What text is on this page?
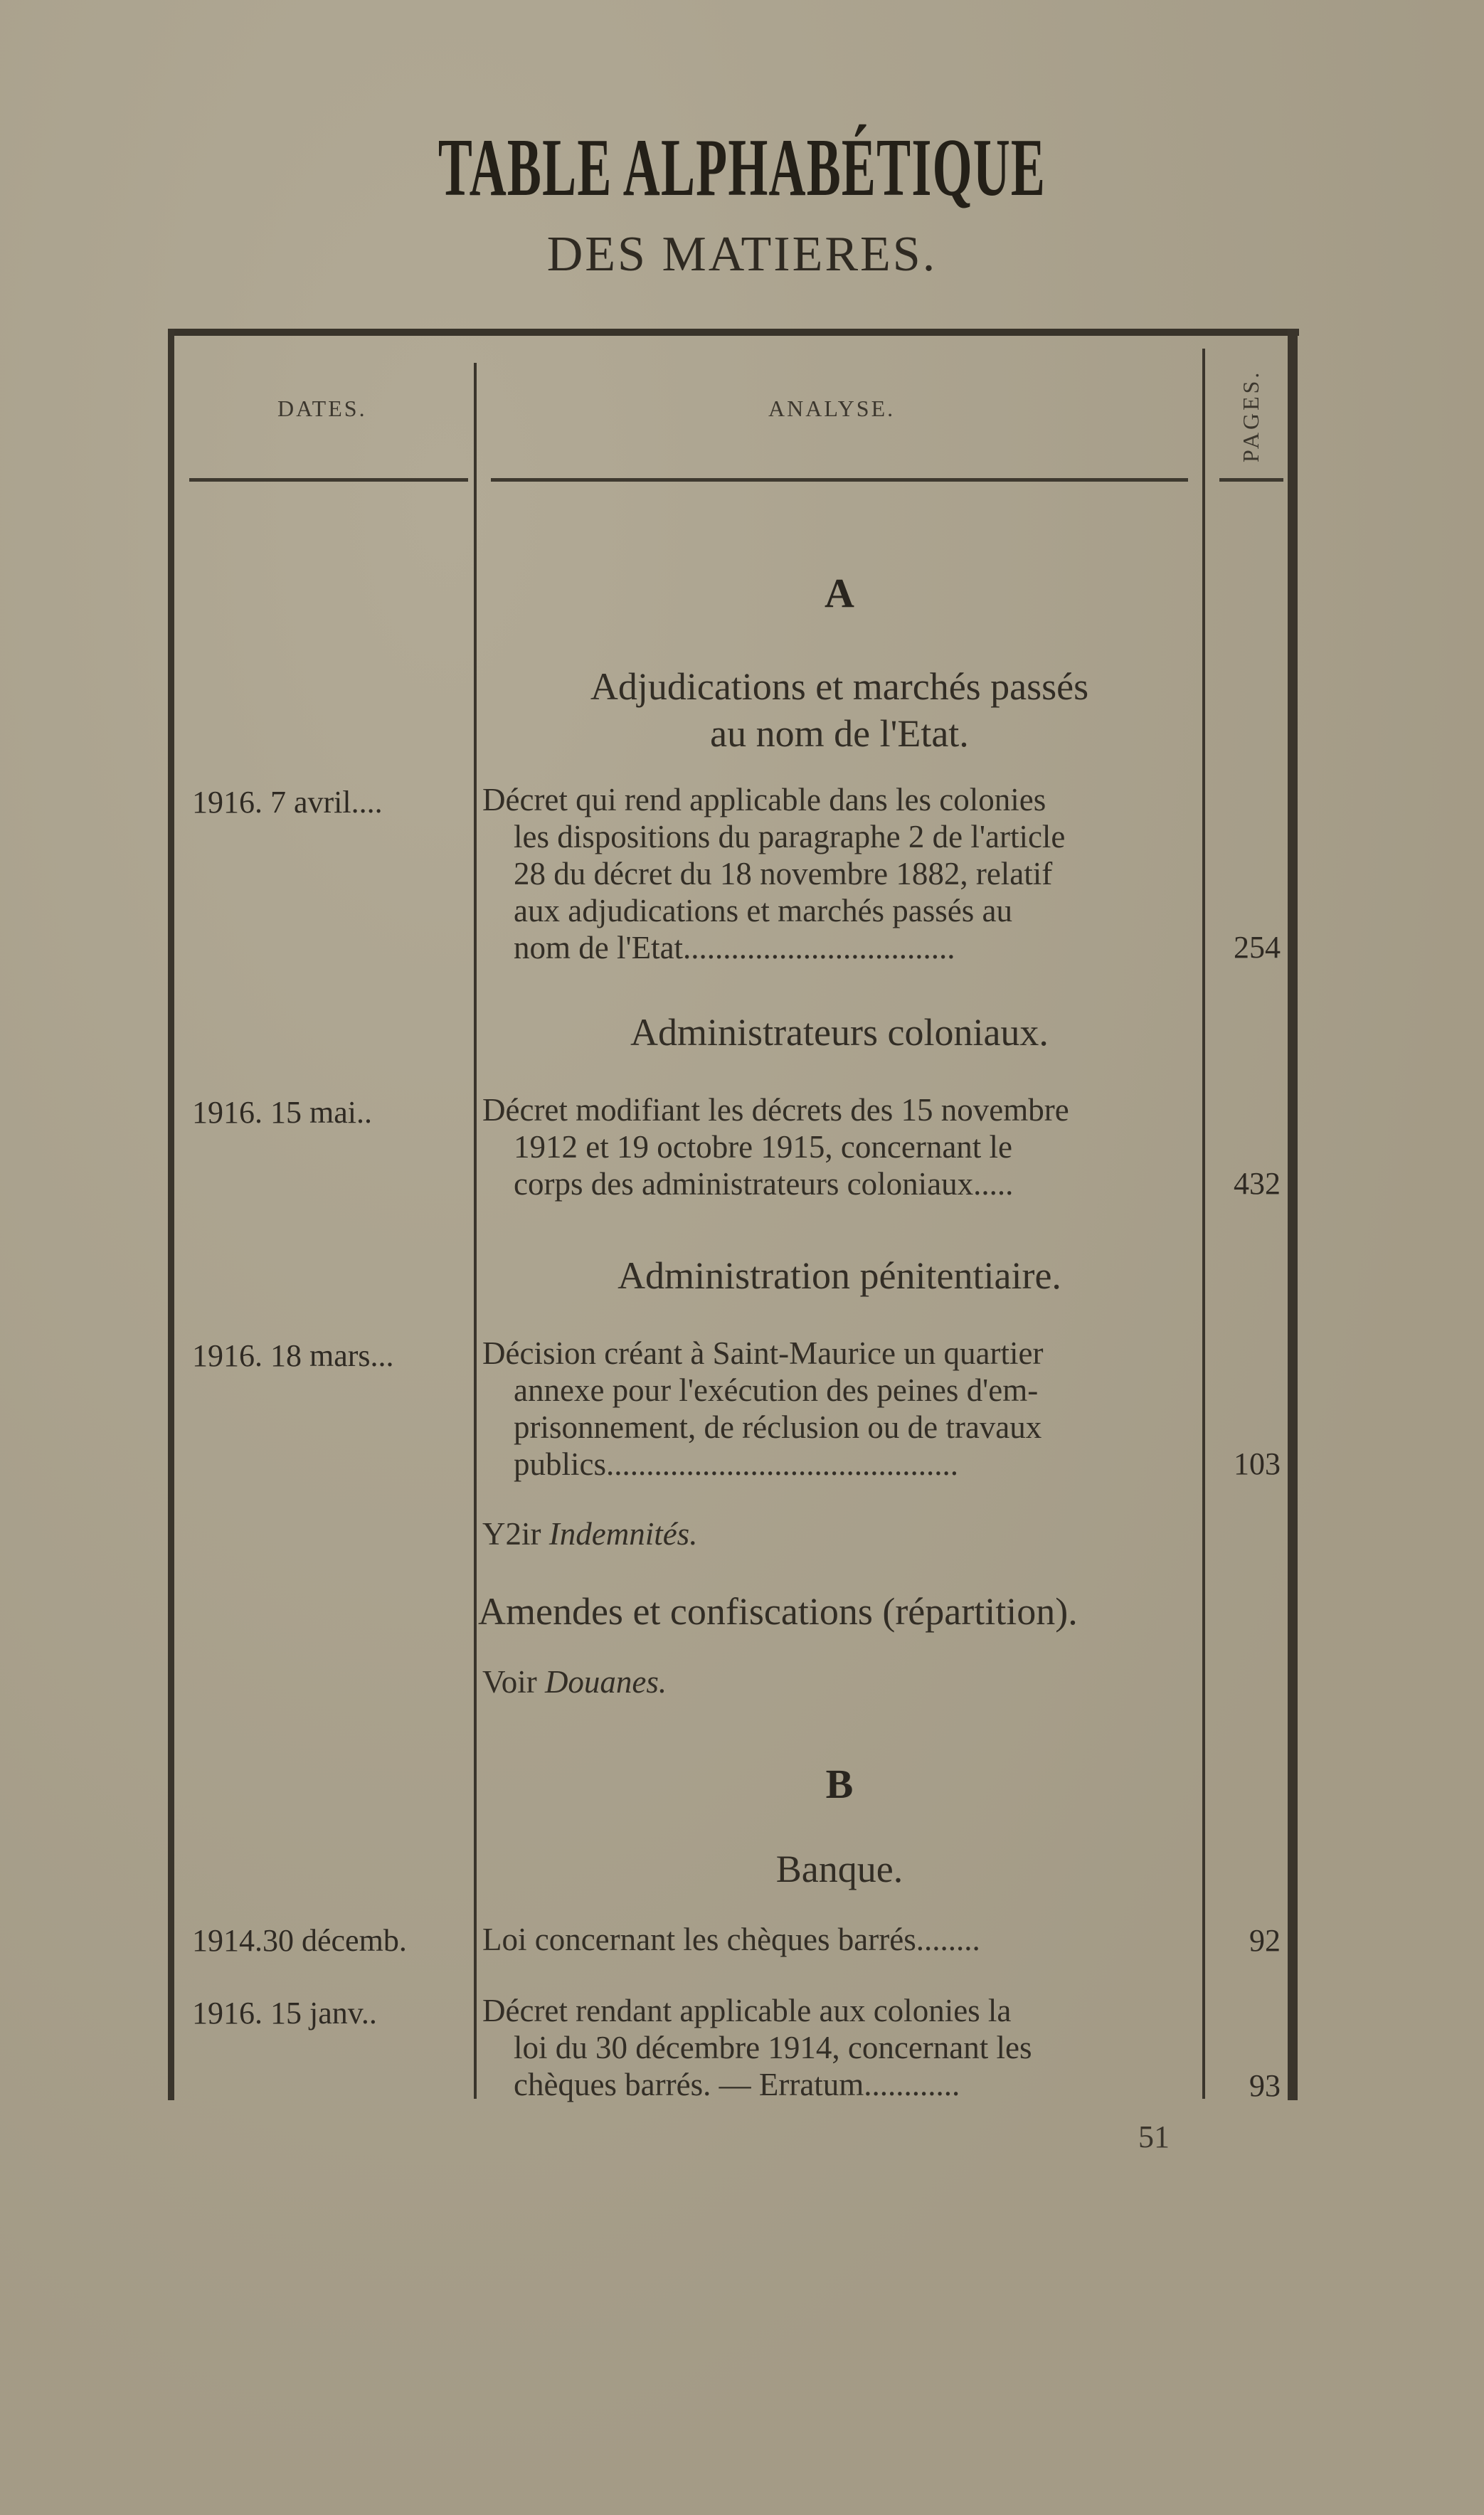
TABLE ALPHABÉTIQUE
DES MATIERES.
DATES.	ANALYSE.	PAGES.
A
Adjudications et marchés passés
au nom de l'Etat.
1916. 7 avril....	Décret qui rend applicable dans les colonies
les dispositions du paragraphe 2 de l'article
28 du décret du 18 novembre 1882, relatif
aux adjudications et marchés passés au
nom de l'Etat..................................	254
Administrateurs coloniaux.
1916. 15 mai..	Décret modifiant les décrets des 15 novembre
1912 et 19 octobre 1915, concernant le
corps des administrateurs coloniaux.....	432
Administration pénitentiaire.
1916. 18 mars...	Décision créant à Saint-Maurice un quartier
annexe pour l'exécution des peines d'em-
prisonnement, de réclusion ou de travaux
publics............................................	103
Y2ir Indemnités.
Amendes et confiscations (répartition).
Voir Douanes.
B
Banque.
1914.30 décemb.	Loi concernant les chèques barrés........	92
1916. 15 janv..	Décret rendant applicable aux colonies la
loi du 30 décembre 1914, concernant les
chèques barrés. — Erratum............	93
51
